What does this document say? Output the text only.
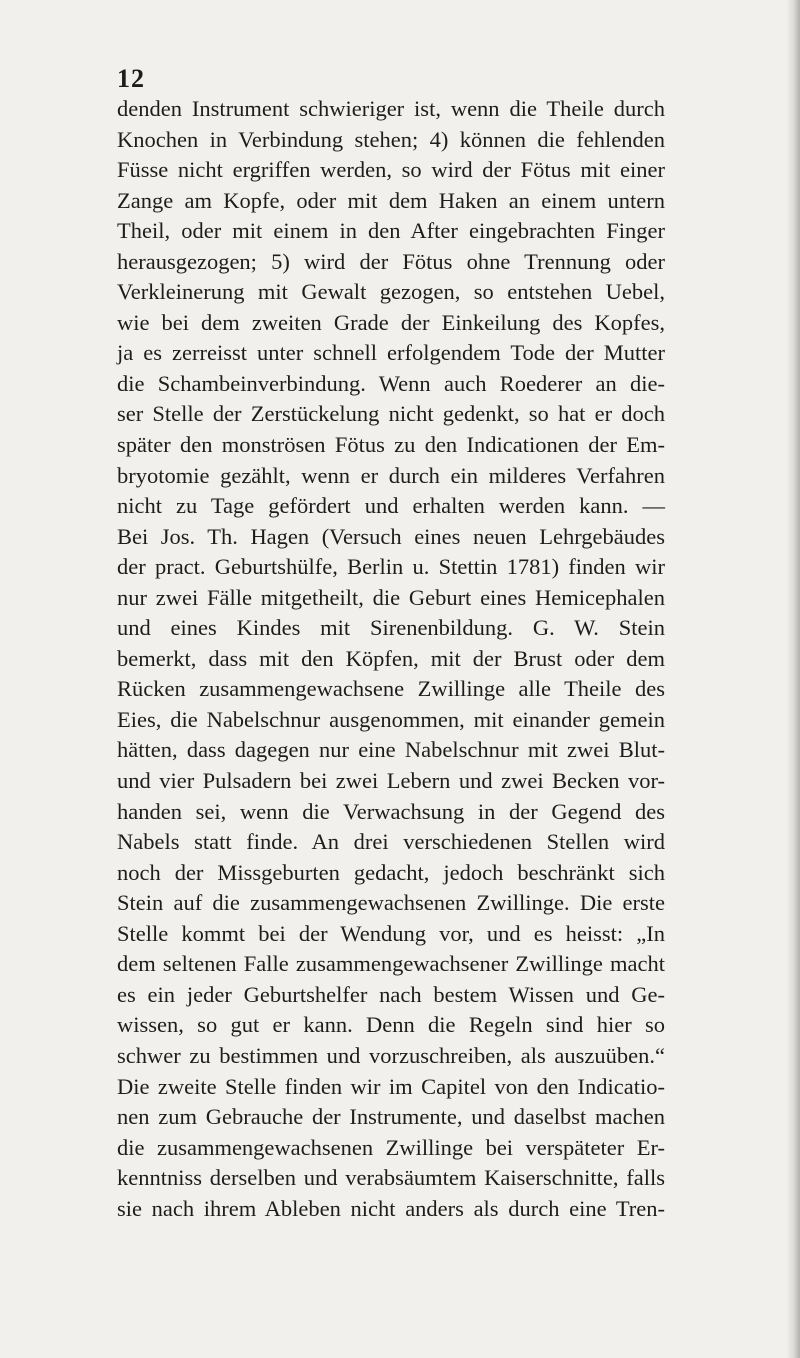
12
denden Instrument schwieriger ist, wenn die Theile durch
Knochen in Verbindung stehen; 4) können die fehlenden
Füsse nicht ergriffen werden, so wird der Fötus mit einer
Zange am Kopfe, oder mit dem Haken an einem untern
Theil, oder mit einem in den After eingebrachten Finger
herausgezogen; 5) wird der Fötus ohne Trennung oder
Verkleinerung mit Gewalt gezogen, so entstehen Uebel,
wie bei dem zweiten Grade der Einkeilung des Kopfes,
ja es zerreisst unter schnell erfolgendem Tode der Mutter
die Schambeinverbindung. Wenn auch Roederer an die-
ser Stelle der Zerstückelung nicht gedenkt, so hat er doch
später den monströsen Fötus zu den Indicationen der Em-
bryotomie gezählt, wenn er durch ein milderes Verfahren
nicht zu Tage gefördert und erhalten werden kann. —
Bei Jos. Th. Hagen (Versuch eines neuen Lehrgebäudes
der pract. Geburtshülfe, Berlin u. Stettin 1781) finden wir
nur zwei Fälle mitgetheilt, die Geburt eines Hemicephalen
und eines Kindes mit Sirenenbildung. G. W. Stein
bemerkt, dass mit den Köpfen, mit der Brust oder dem
Rücken zusammengewachsene Zwillinge alle Theile des
Eies, die Nabelschnur ausgenommen, mit einander gemein
hätten, dass dagegen nur eine Nabelschnur mit zwei Blut-
und vier Pulsadern bei zwei Lebern und zwei Becken vor-
handen sei, wenn die Verwachsung in der Gegend des
Nabels statt finde. An drei verschiedenen Stellen wird
noch der Missgeburten gedacht, jedoch beschränkt sich
Stein auf die zusammengewachsenen Zwillinge. Die erste
Stelle kommt bei der Wendung vor, und es heisst: „In
dem seltenen Falle zusammengewachsener Zwillinge macht
es ein jeder Geburtshelfer nach bestem Wissen und Ge-
wissen, so gut er kann. Denn die Regeln sind hier so
schwer zu bestimmen und vorzuschreiben, als auszuüben.“
Die zweite Stelle finden wir im Capitel von den Indicatio-
nen zum Gebrauche der Instrumente, und daselbst machen
die zusammengewachsenen Zwillinge bei verspäteter Er-
kenntniss derselben und verabsäumtem Kaiserschnitte, falls
sie nach ihrem Ableben nicht anders als durch eine Tren-
